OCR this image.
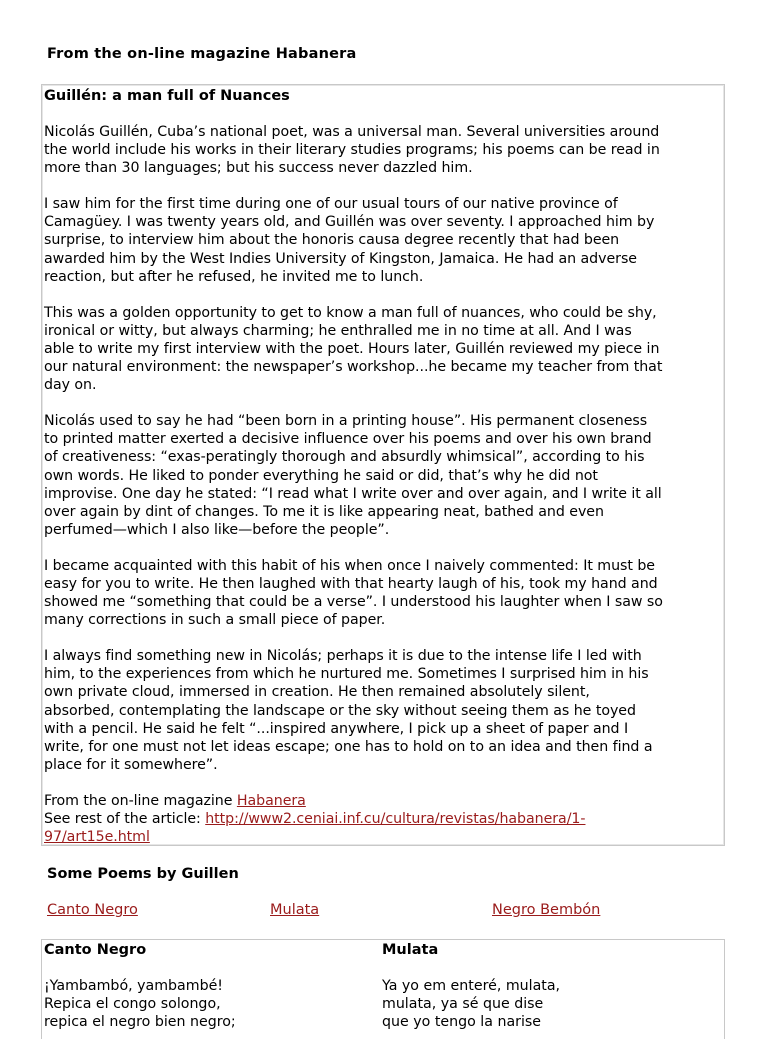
From the on-line magazine Habanera
Guillén: a man full of Nuances

Nicolás Guillén, Cuba’s national poet, was a universal man. Several universities around
the world include his works in their literary studies programs; his poems can be read in
more than 30 languages; but his success never dazzled him.

I saw him for the first time during one of our usual tours of our native province of
Camagüey. I was twenty years old, and Guillén was over seventy. I approached him by
surprise, to interview him about the honoris causa degree recently that had been
awarded him by the West Indies University of Kingston, Jamaica. He had an adverse
reaction, but after he refused, he invited me to lunch.

This was a golden opportunity to get to know a man full of nuances, who could be shy,
ironical or witty, but always charming; he enthralled me in no time at all. And I was
able to write my first interview with the poet. Hours later, Guillén reviewed my piece in
our natural environment: the newspaper’s workshop...he became my teacher from that
day on.

Nicolás used to say he had “been born in a printing house”. His permanent closeness
to printed matter exerted a decisive influence over his poems and over his own brand
of creativeness: “exas-peratingly thorough and absurdly whimsical”, according to his
own words. He liked to ponder everything he said or did, that’s why he did not
improvise. One day he stated: “I read what I write over and over again, and I write it all
over again by dint of changes. To me it is like appearing neat, bathed and even
perfumed—which I also like—before the people”.

I became acquainted with this habit of his when once I naively commented: It must be
easy for you to write. He then laughed with that hearty laugh of his, took my hand and
showed me “something that could be a verse”. I understood his laughter when I saw so
many corrections in such a small piece of paper.

I always find something new in Nicolás; perhaps it is due to the intense life I led with
him, to the experiences from which he nurtured me. Sometimes I surprised him in his
own private cloud, immersed in creation. He then remained absolutely silent,
absorbed, contemplating the landscape or the sky without seeing them as he toyed
with a pencil. He said he felt “...inspired anywhere, I pick up a sheet of paper and I
write, for one must not let ideas escape; one has to hold on to an idea and then find a
place for it somewhere”.

From the on-line magazine Habanera
See rest of the article: http://www2.ceniai.inf.cu/cultura/revistas/habanera/1-
97/art15e.html

Some Poems by Guillen
Canto Negro	Mulata	Negro Bembón
Canto Negro
¡Yambambó, yambambé!
Repica el congo solongo,
repica el negro bien negro;
Mulata
Ya yo em enteré, mulata,
mulata, ya sé que dise
que yo tengo la narise
